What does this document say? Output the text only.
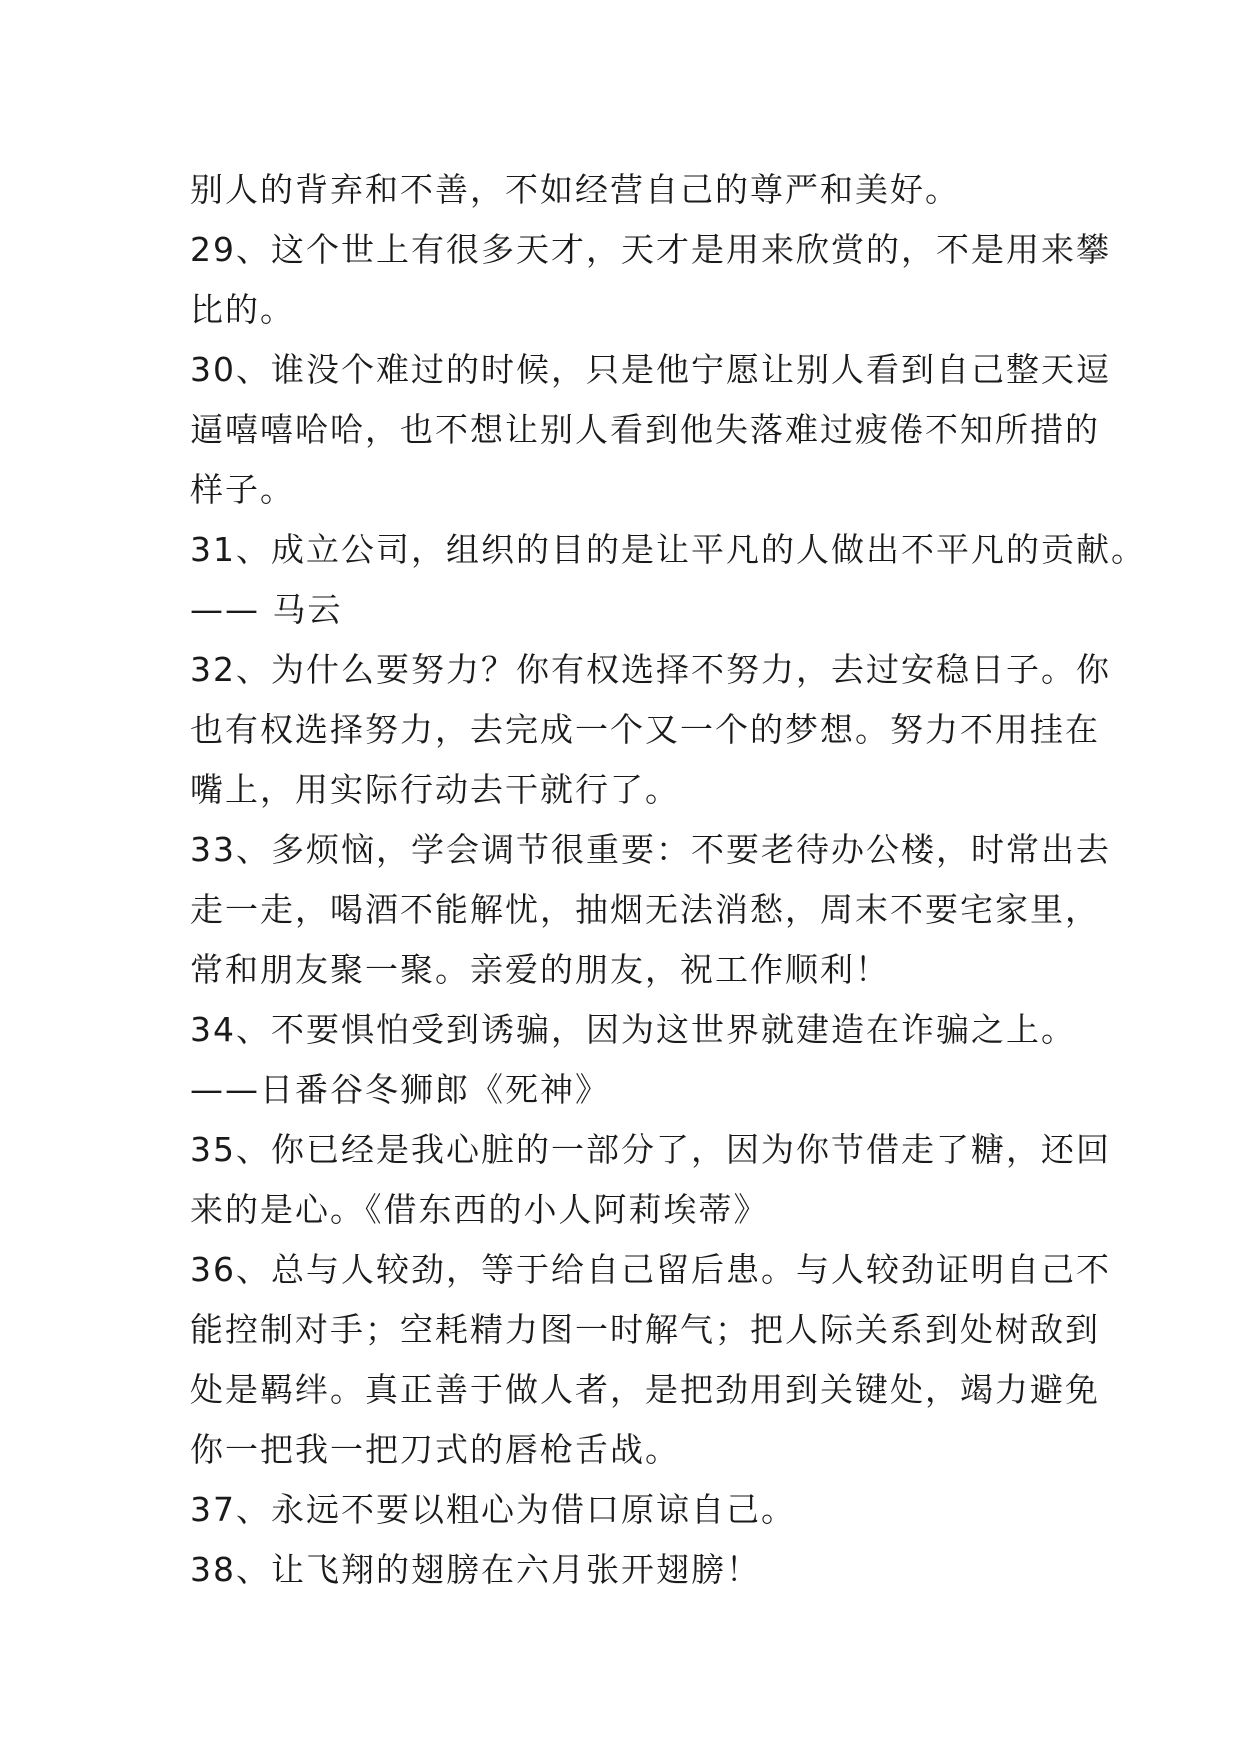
别人的背弃和不善，不如经营自己的尊严和美好。
29、这个世上有很多天才，天才是用来欣赏的，不是用来攀
比的。
30、谁没个难过的时候，只是他宁愿让别人看到自己整天逗
逼嘻嘻哈哈，也不想让别人看到他失落难过疲倦不知所措的
样子。
31、成立公司，组织的目的是让平凡的人做出不平凡的贡献。
—— 马云
32、为什么要努力？你有权选择不努力，去过安稳日子。你
也有权选择努力，去完成一个又一个的梦想。努力不用挂在
嘴上，用实际行动去干就行了。
33、多烦恼，学会调节很重要：不要老待办公楼，时常出去
走一走，喝酒不能解忧，抽烟无法消愁，周末不要宅家里，
常和朋友聚一聚。亲爱的朋友，祝工作顺利！
34、不要惧怕受到诱骗，因为这世界就建造在诈骗之上。
——日番谷冬狮郎《死神》
35、你已经是我心脏的一部分了，因为你节借走了糖，还回
来的是心。《借东西的小人阿莉埃蒂》
36、总与人较劲，等于给自己留后患。与人较劲证明自己不
能控制对手；空耗精力图一时解气；把人际关系到处树敌到
处是羁绊。真正善于做人者，是把劲用到关键处，竭力避免
你一把我一把刀式的唇枪舌战。
37、永远不要以粗心为借口原谅自己。
38、让飞翔的翅膀在六月张开翅膀！
